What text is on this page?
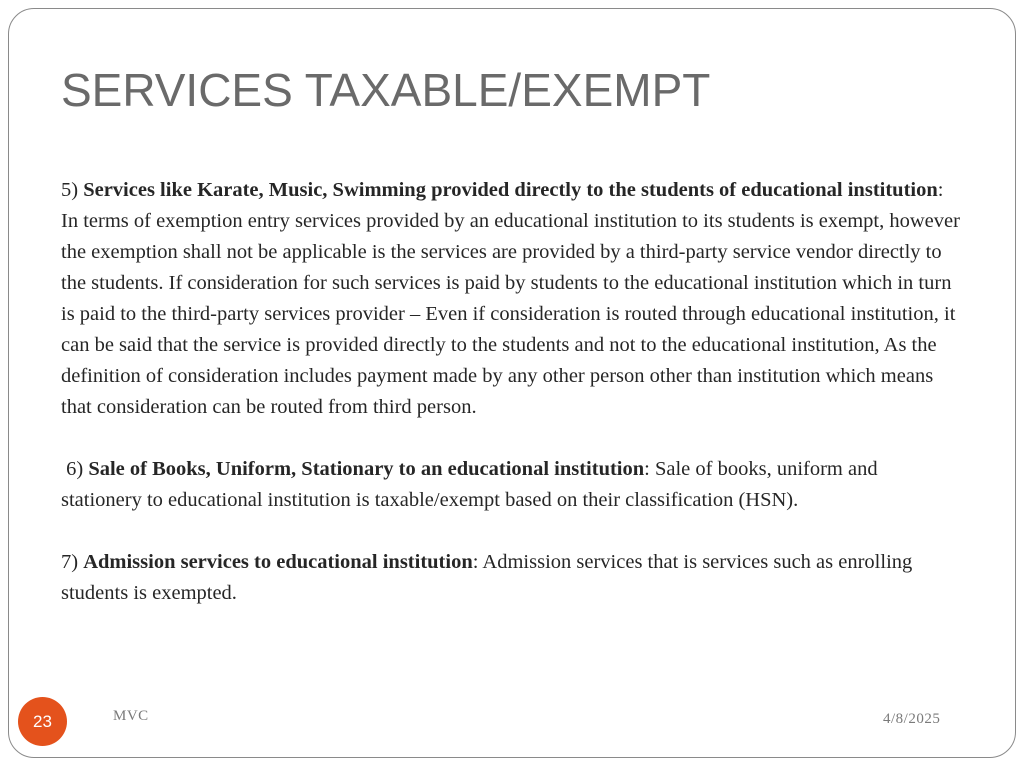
SERVICES TAXABLE/EXEMPT

5) Services like Karate, Music, Swimming provided directly to the students of educational institution: In terms of exemption entry services provided by an educational institution to its students is exempt, however the exemption shall not be applicable is the services are provided by a third-party service vendor directly to the students. If consideration for such services is paid by students to the educational institution which in turn is paid to the third-party services provider – Even if consideration is routed through educational institution, it can be said that the service is provided directly to the students and not to the educational institution, As the definition of consideration includes payment made by any other person other than institution which means that consideration can be routed from third person.

6) Sale of Books, Uniform, Stationary to an educational institution: Sale of books, uniform and stationery to educational institution is taxable/exempt based on their classification (HSN).

7) Admission services to educational institution: Admission services that is services such as enrolling students is exempted.

23	MVC	4/8/2025
